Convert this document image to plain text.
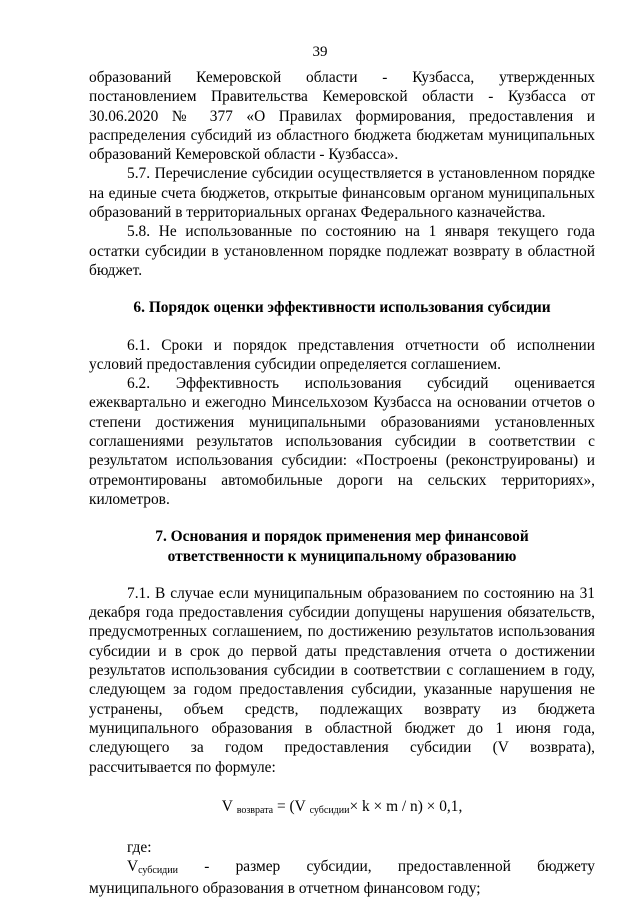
39

образований Кемеровской области - Кузбасса, утвержденных постановлением Правительства Кемеровской области - Кузбасса от 30.06.2020 № 377 «О Правилах формирования, предоставления и распределения субсидий из областного бюджета бюджетам муниципальных образований Кемеровской области - Кузбасса».

5.7. Перечисление субсидии осуществляется в установленном порядке на единые счета бюджетов, открытые финансовым органом муниципальных образований в территориальных органах Федерального казначейства.

5.8. Не использованные по состоянию на 1 января текущего года остатки субсидии в установленном порядке подлежат возврату в областной бюджет.

6. Порядок оценки эффективности использования субсидии

6.1. Сроки и порядок представления отчетности об исполнении условий предоставления субсидии определяется соглашением.

6.2. Эффективность использования субсидий оценивается ежеквартально и ежегодно Минсельхозом Кузбасса на основании отчетов о степени достижения муниципальными образованиями установленных соглашениями результатов использования субсидии в соответствии с результатом использования субсидии: «Построены (реконструированы) и отремонтированы автомобильные дороги на сельских территориях», километров.

7. Основания и порядок применения мер финансовой

ответственности к муниципальному образованию

7.1. В случае если муниципальным образованием по состоянию на 31 декабря года предоставления субсидии допущены нарушения обязательств, предусмотренных соглашением, по достижению результатов использования субсидии и в срок до первой даты представления отчета о достижении результатов использования субсидии в соответствии с соглашением в году, следующем за годом предоставления субсидии, указанные нарушения не устранены, объем средств, подлежащих возврату из бюджета муниципального образования в областной бюджет до 1 июня года, следующего за годом предоставления субсидии (V возврата), рассчитывается по формуле:

V $_{возврата}$ = (V $_{субсидии}$× k × m / n) × 0,1,

где:

$V_{субсидии}$ - размер субсидии, предоставленной бюджету муниципального образования в отчетном финансовом году;
